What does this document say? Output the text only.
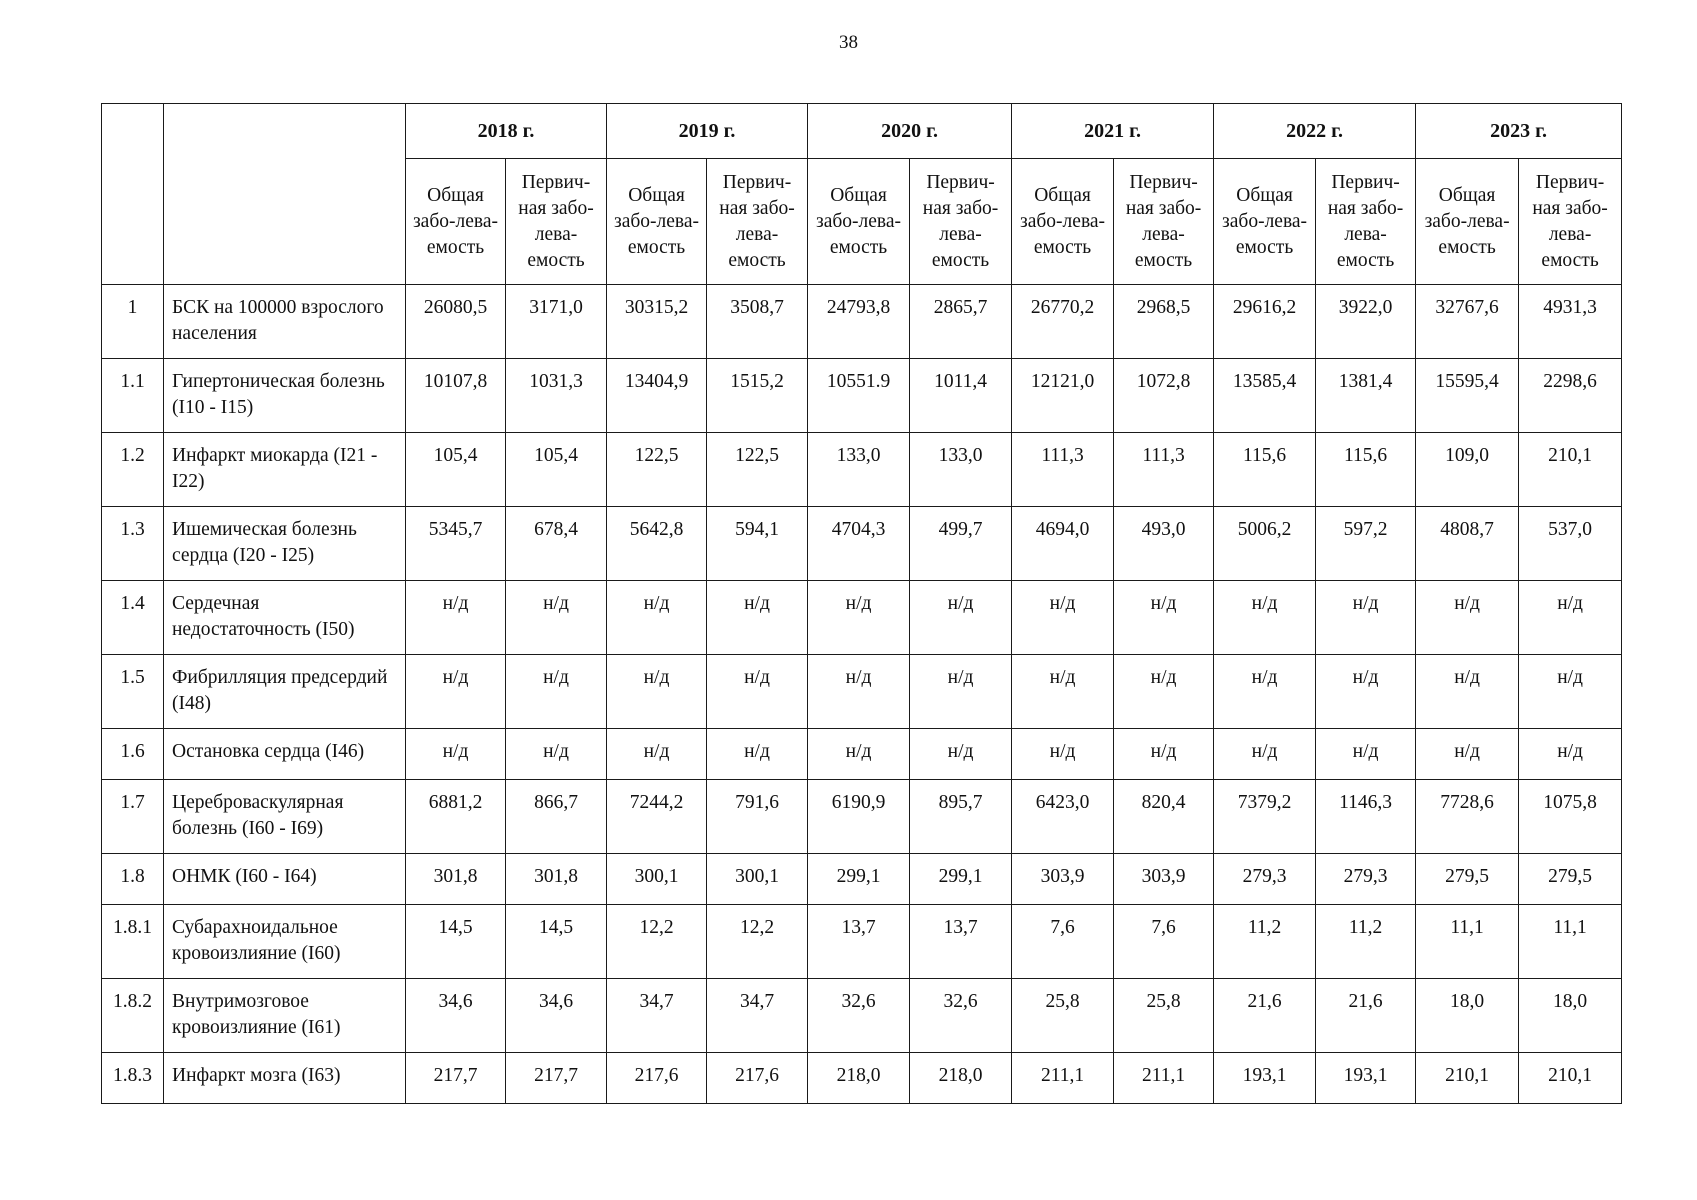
38
		2018 г.		2019 г.		2020 г.		2021 г.		2022 г.		2023 г.	
		Общая забо-лева-емость	Первич-ная забо-лева-емость	Общая забо-лева-емость	Первич-ная забо-лева-емость	Общая забо-лева-емость	Первич-ная забо-лева-емость	Общая забо-лева-емость	Первич-ная забо-лева-емость	Общая забо-лева-емость	Первич-ная забо-лева-емость	Общая забо-лева-емость	Первич-ная забо-лева-емость
1	БСК на 100000 взрослого населения	26080,5	3171,0	30315,2	3508,7	24793,8	2865,7	26770,2	2968,5	29616,2	3922,0	32767,6	4931,3
1.1	Гипертоническая болезнь (I10 - I15)	10107,8	1031,3	13404,9	1515,2	10551.9	1011,4	12121,0	1072,8	13585,4	1381,4	15595,4	2298,6
1.2	Инфаркт миокарда (I21 - I22)	105,4	105,4	122,5	122,5	133,0	133,0	111,3	111,3	115,6	115,6	109,0	210,1
1.3	Ишемическая болезнь сердца (I20 - I25)	5345,7	678,4	5642,8	594,1	4704,3	499,7	4694,0	493,0	5006,2	597,2	4808,7	537,0
1.4	Сердечная недостаточность (I50)	н/д	н/д	н/д	н/д	н/д	н/д	н/д	н/д	н/д	н/д	н/д	н/д
1.5	Фибрилляция предсердий (I48)	н/д	н/д	н/д	н/д	н/д	н/д	н/д	н/д	н/д	н/д	н/д	н/д
1.6	Остановка сердца (I46)	н/д	н/д	н/д	н/д	н/д	н/д	н/д	н/д	н/д	н/д	н/д	н/д
1.7	Цереброваскулярная болезнь (I60 - I69)	6881,2	866,7	7244,2	791,6	6190,9	895,7	6423,0	820,4	7379,2	1146,3	7728,6	1075,8
1.8	ОНМК (I60 - I64)	301,8	301,8	300,1	300,1	299,1	299,1	303,9	303,9	279,3	279,3	279,5	279,5
1.8.1	Субарахноидальное кровоизлияние (I60)	14,5	14,5	12,2	12,2	13,7	13,7	7,6	7,6	11,2	11,2	11,1	11,1
1.8.2	Внутримозговое кровоизлияние (I61)	34,6	34,6	34,7	34,7	32,6	32,6	25,8	25,8	21,6	21,6	18,0	18,0
1.8.3	Инфаркт мозга (I63)	217,7	217,7	217,6	217,6	218,0	218,0	211,1	211,1	193,1	193,1	210,1	210,1
